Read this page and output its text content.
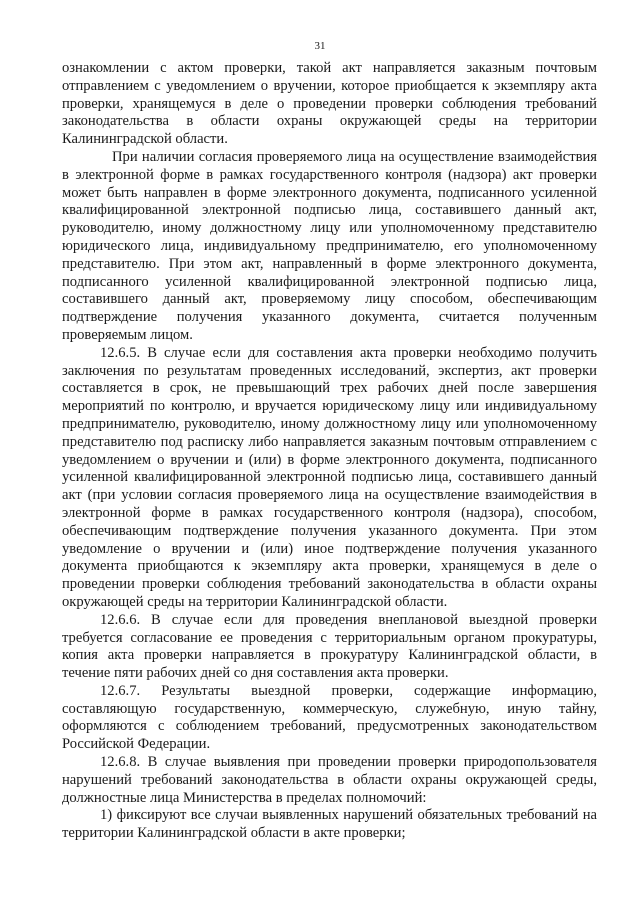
31

ознакомлении с актом проверки, такой акт направляется заказным почтовым отправлением с уведомлением о вручении, которое приобщается к экземпляру акта проверки, хранящемуся в деле о проведении проверки соблюдения требований законодательства в области охраны окружающей среды на территории Калининградской области.

При наличии согласия проверяемого лица на осуществление взаимодействия в электронной форме в рамках государственного контроля (надзора) акт проверки может быть направлен в форме электронного документа, подписанного усиленной квалифицированной электронной подписью лица, составившего данный акт, руководителю, иному должностному лицу или уполномоченному представителю юридического лица, индивидуальному предпринимателю, его уполномоченному представителю. При этом акт, направленный в форме электронного документа, подписанного усиленной квалифицированной электронной подписью лица, составившего данный акт, проверяемому лицу способом, обеспечивающим подтверждение получения указанного документа, считается полученным проверяемым лицом.

12.6.5. В случае если для составления акта проверки необходимо получить заключения по результатам проведенных исследований, экспертиз, акт проверки составляется в срок, не превышающий трех рабочих дней после завершения мероприятий по контролю, и вручается юридическому лицу или индивидуальному предпринимателю, руководителю, иному должностному лицу или уполномоченному представителю под расписку либо направляется заказным почтовым отправлением с уведомлением о вручении и (или) в форме электронного документа, подписанного усиленной квалифицированной электронной подписью лица, составившего данный акт (при условии согласия проверяемого лица на осуществление взаимодействия в электронной форме в рамках государственного контроля (надзора), способом, обеспечивающим подтверждение получения указанного документа. При этом уведомление о вручении и (или) иное подтверждение получения указанного документа приобщаются к экземпляру акта проверки, хранящемуся в деле о проведении проверки соблюдения требований законодательства в области охраны окружающей среды на территории Калининградской области.

12.6.6. В случае если для проведения внеплановой выездной проверки требуется согласование ее проведения с территориальным органом прокуратуры, копия акта проверки направляется в прокуратуру Калининградской области, в течение пяти рабочих дней со дня составления акта проверки.

12.6.7. Результаты выездной проверки, содержащие информацию, составляющую государственную, коммерческую, служебную, иную тайну, оформляются с соблюдением требований, предусмотренных законодательством Российской Федерации.

12.6.8. В случае выявления при проведении проверки природопользователя нарушений требований законодательства в области охраны окружающей среды, должностные лица Министерства в пределах полномочий:

1) фиксируют все случаи выявленных нарушений обязательных требований на территории Калининградской области в акте проверки;
